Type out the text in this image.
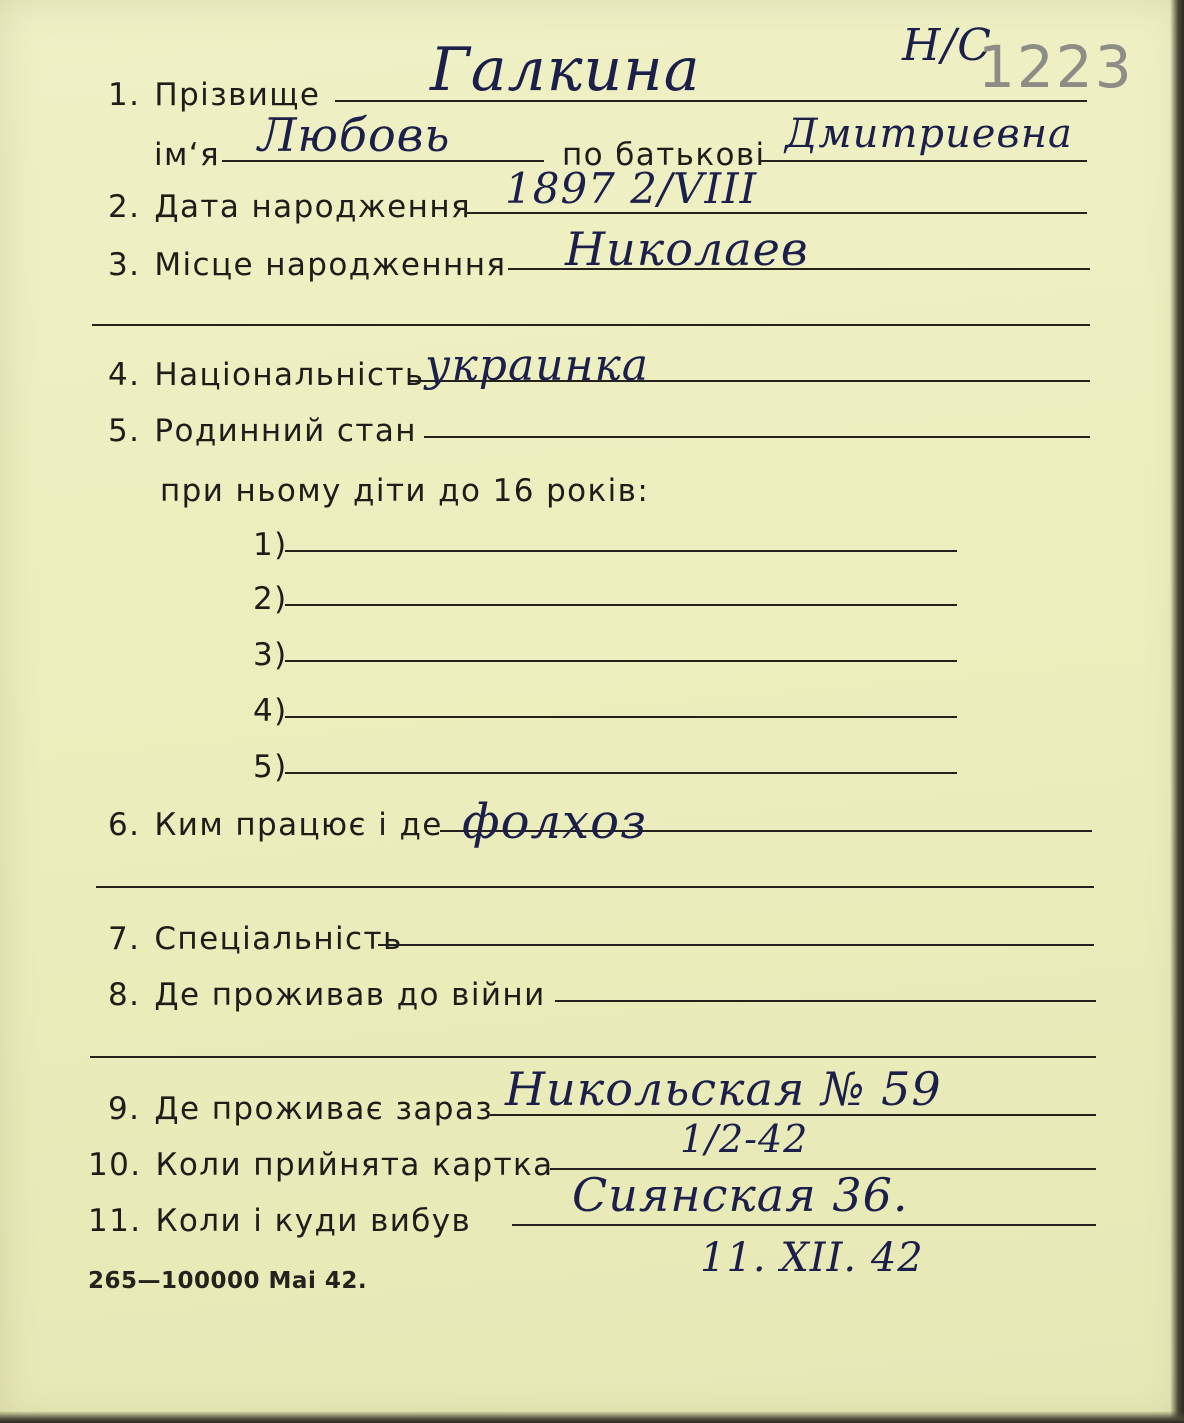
Н/С
1223
1. Прізвище Галкина
ім‘я Любовь	по батькові Дмитриевна
2. Дата народження 1897 2/VIII
3. Місце народженння Николаев
4. Національність украинка
5. Родинний стан
при ньому діти до 16 років:
1)
2)
3)
4)
5)
6. Ким працює і де фолхоз
7. Спеціальність
8. Де проживав до війни
9. Де проживає зараз Никольская № 59
10. Коли прийнята картка
1/2-42
11. Коли і куди вибув Сиянская 36.
11. XII. 42
265—100000 Mai 42.
